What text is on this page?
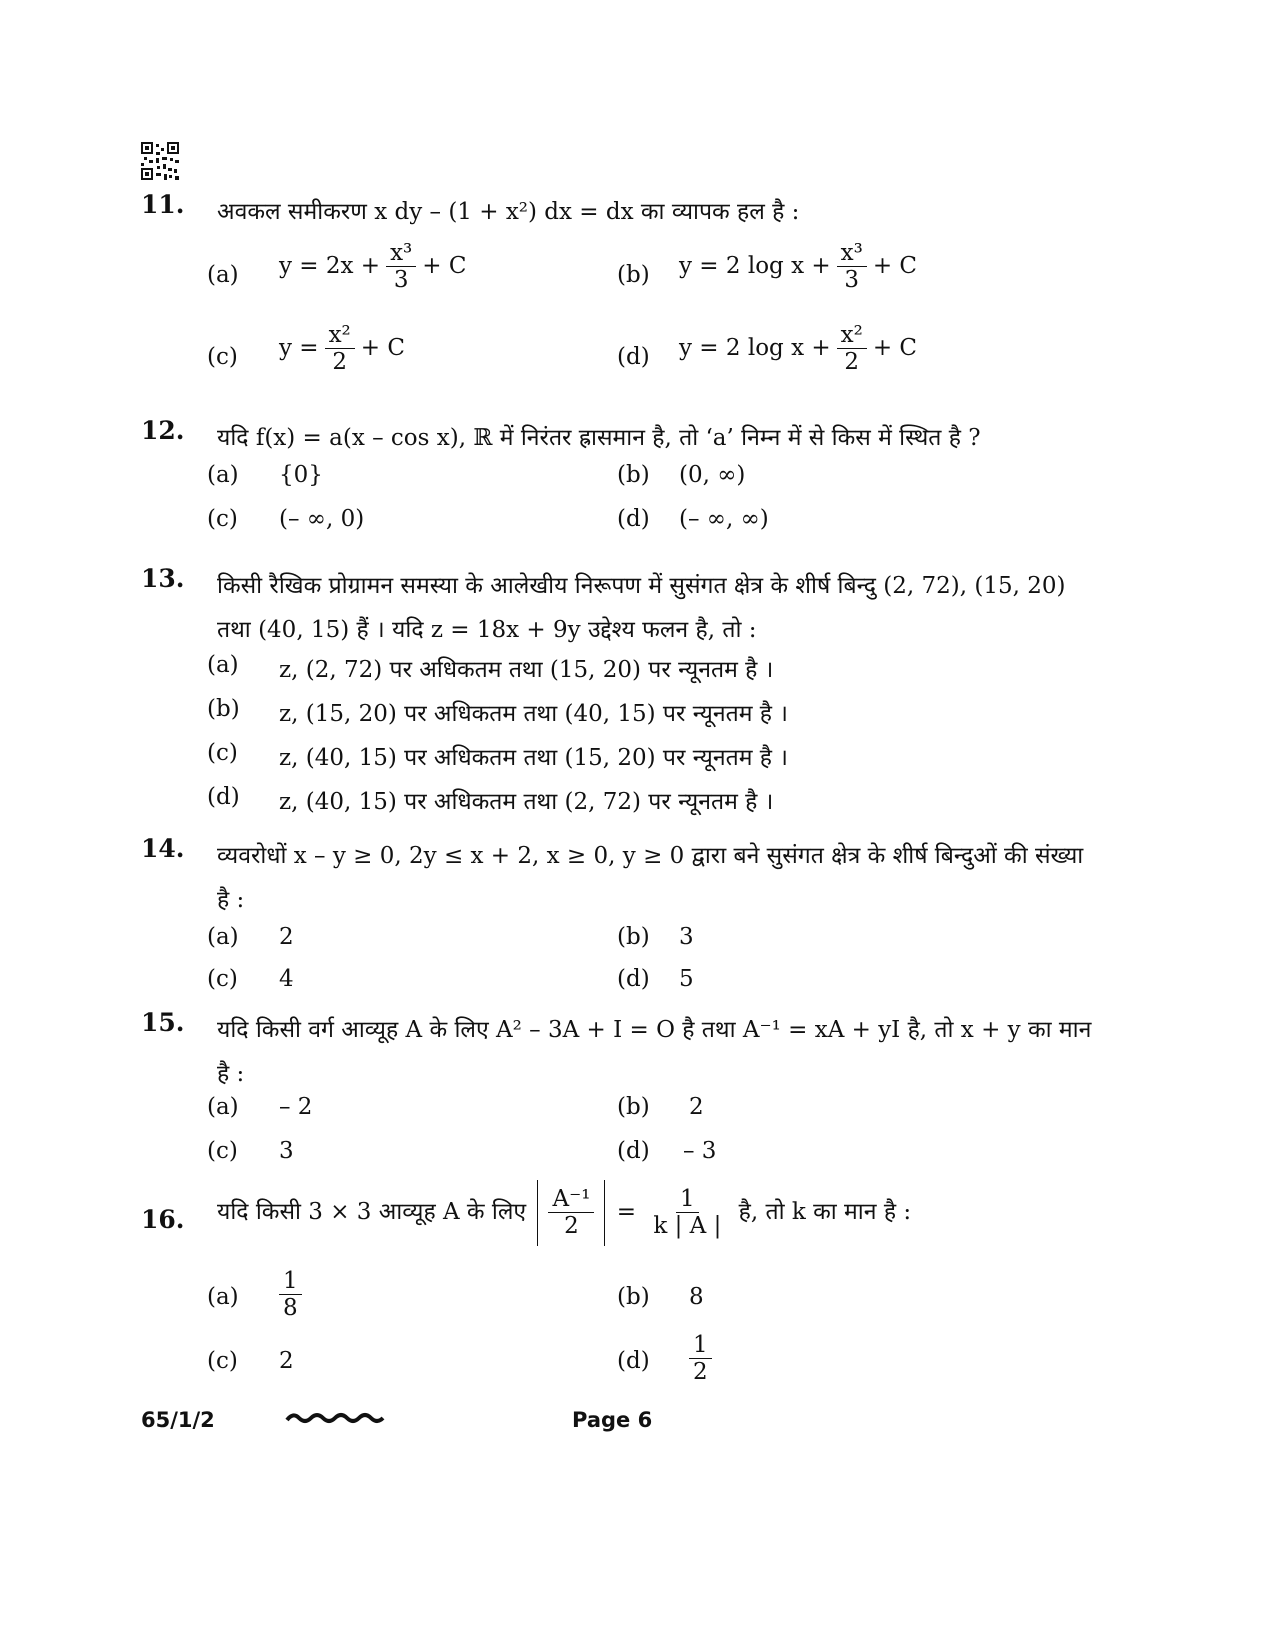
11. अवकल समीकरण x dy – (1 + x²) dx = dx का व्यापक हल है :
(a) $y = 2x + \frac{\text{x³}}{3} + C$	(b) y = 2 $\log x + \frac{\text{x³}}{3} + C$
(c) $y = \frac{\text{x²}}{2} + C$	(d) y = 2 $\log x + \frac{\text{x²}}{2} + C$
12. यदि f(x) = a(x – cos x), ℝ में निरंतर ह्रासमान है, तो ‘a’ निम्न में से किस में स्थित है ?
(a) {0}	(b) (0, ∞)
(c) (– ∞, 0)	(d) (– ∞, ∞)
13. किसी रैखिक प्रोग्रामन समस्या के आलेखीय निरूपण में सुसंगत क्षेत्र के शीर्ष बिन्दु (2, 72), (15, 20) तथा (40, 15) हैं । यदि z = 18x + 9y उद्देश्य फलन है, तो :
(a) z, (2, 72) पर अधिकतम तथा (15, 20) पर न्यूनतम है ।
(b) z, (15, 20) पर अधिकतम तथा (40, 15) पर न्यूनतम है ।
(c) z, (40, 15) पर अधिकतम तथा (15, 20) पर न्यूनतम है ।
(d) z, (40, 15) पर अधिकतम तथा (2, 72) पर न्यूनतम है ।
14. व्यवरोधों x – y ≥ 0, 2y ≤ x + 2, x ≥ 0, y ≥ 0 द्वारा बने सुसंगत क्षेत्र के शीर्ष बिन्दुओं की संख्या है :
(a) 2	(b) 3
(c) 4	(d) 5
15. यदि किसी वर्ग आव्यूह A के लिए A² – 3A + I = O है तथा A⁻¹ = xA + yI है, तो x + y का मान है :
(a) – 2	(b) 2
(c) 3	(d) – 3
16. यदि किसी 3 × 3 आव्यूह A के लिए $\frac{\text{A⁻¹}}{2} = \frac{1}{k | A |}$ है, तो k का मान है :
$(a) \frac{1}{8}$	(b) 8
(c) 2	$(d) \frac{1}{2}$
65/1/2	Page 6
